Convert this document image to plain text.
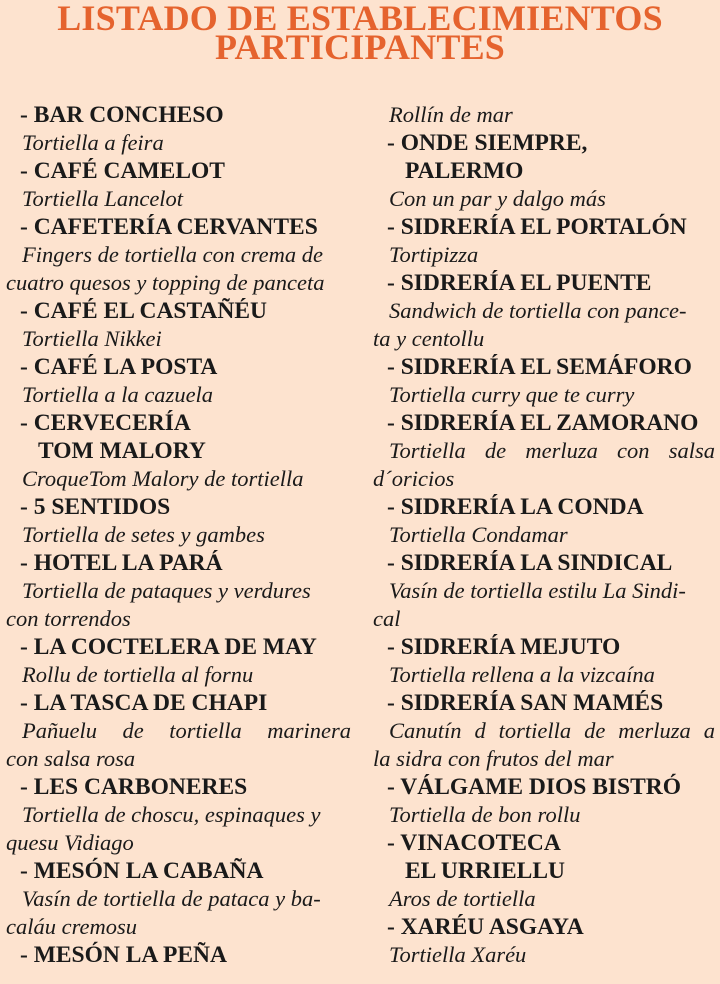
LISTADO DE ESTABLECIMIENTOS
PARTICIPANTES
- BAR CONCHESO
Tortiella a feira
- CAFÉ CAMELOT
Tortiella Lancelot
- CAFETERÍA CERVANTES
Fingers de tortiella con crema de
cuatro quesos y topping de panceta
- CAFÉ EL CASTAÑÉU
Tortiella Nikkei
- CAFÉ LA POSTA
Tortiella a la cazuela
- CERVECERÍA
TOM MALORY
CroqueTom Malory de tortiella
- 5 SENTIDOS
Tortiella de setes y gambes
- HOTEL LA PARÁ
Tortiella de pataques y verdures
con torrendos
- LA COCTELERA DE MAY
Rollu de tortiella al fornu
- LA TASCA DE CHAPI
Pañuelu de tortiella marinera
con salsa rosa
- LES CARBONERES
Tortiella de choscu, espinaques y
quesu Vidiago
- MESÓN LA CABAÑA
Vasín de tortiella de pataca y ba-
caláu cremosu
- MESÓN LA PEÑA
Rollín de mar
- ONDE SIEMPRE,
PALERMO
Con un par y dalgo más
- SIDRERÍA EL PORTALÓN
Tortipizza
- SIDRERÍA EL PUENTE
Sandwich de tortiella con pance-
ta y centollu
- SIDRERÍA EL SEMÁFORO
Tortiella curry que te curry
- SIDRERÍA EL ZAMORANO
Tortiella de merluza con salsa
d´oricios
- SIDRERÍA LA CONDA
Tortiella Condamar
- SIDRERÍA LA SINDICAL
Vasín de tortiella estilu La Sindi-
cal
- SIDRERÍA MEJUTO
Tortiella rellena a la vizcaína
- SIDRERÍA SAN MAMÉS
Canutín d tortiella de merluza a
la sidra con frutos del mar
- VÁLGAME DIOS BISTRÓ
Tortiella de bon rollu
- VINACOTECA
EL URRIELLU
Aros de tortiella
- XARÉU ASGAYA
Tortiella Xaréu
